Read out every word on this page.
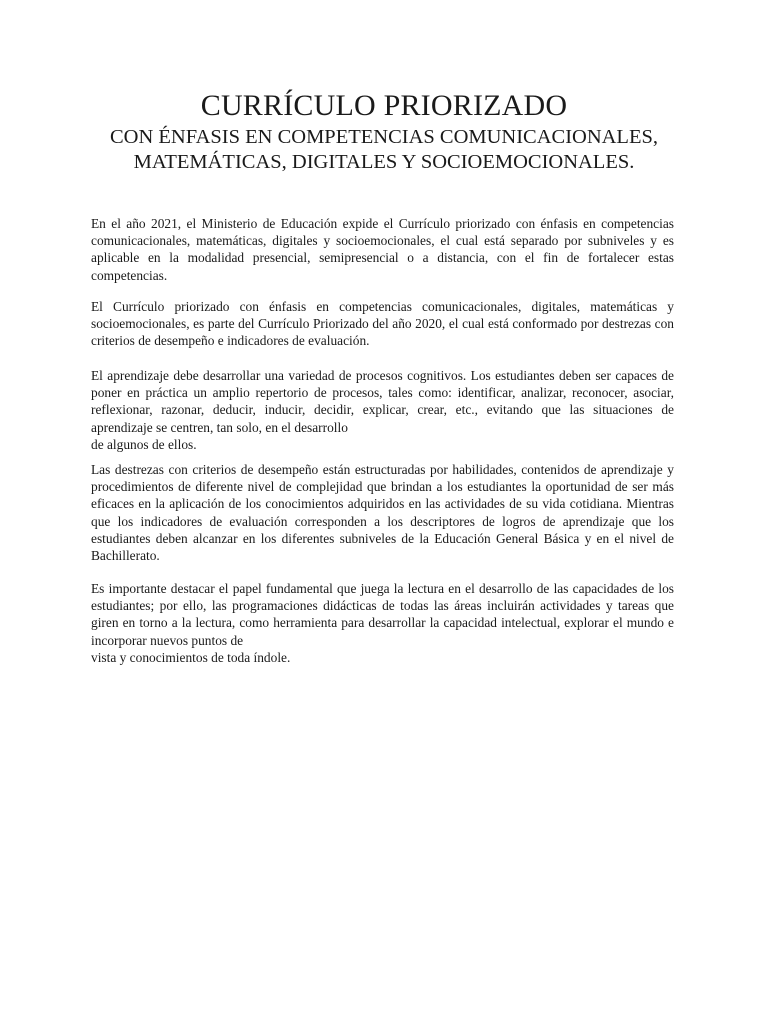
CURRÍCULO PRIORIZADO
CON ÉNFASIS EN COMPETENCIAS COMUNICACIONALES, MATEMÁTICAS, DIGITALES Y SOCIOEMOCIONALES.

En el año 2021, el Ministerio de Educación expide el Currículo priorizado con énfasis en competencias comunicacionales, matemáticas, digitales y socioemocionales, el cual está separado por subniveles y es aplicable en la modalidad presencial, semipresencial o a distancia, con el fin de fortalecer estas competencias.

El Currículo priorizado con énfasis en competencias comunicacionales, digitales, matemáticas y socioemocionales, es parte del Currículo Priorizado del año 2020, el cual está conformado por destrezas con criterios de desempeño e indicadores de evaluación.

El aprendizaje debe desarrollar una variedad de procesos cognitivos. Los estudiantes deben ser capaces de poner en práctica un amplio repertorio de procesos, tales como: identificar, analizar, reconocer, asociar, reflexionar, razonar, deducir, inducir, decidir, explicar, crear, etc., evitando que las situaciones de aprendizaje se centren, tan solo, en el desarrollo
de algunos de ellos.

Las destrezas con criterios de desempeño están estructuradas por habilidades, contenidos de aprendizaje y procedimientos de diferente nivel de complejidad que brindan a los estudiantes la oportunidad de ser más eficaces en la aplicación de los conocimientos adquiridos en las actividades de su vida cotidiana. Mientras que los indicadores de evaluación corresponden a los descriptores de logros de aprendizaje que los estudiantes deben alcanzar en los diferentes subniveles de la Educación General Básica y en el nivel de Bachillerato.

Es importante destacar el papel fundamental que juega la lectura en el desarrollo de las capacidades de los estudiantes; por ello, las programaciones didácticas de todas las áreas incluirán actividades y tareas que giren en torno a la lectura, como herramienta para desarrollar la capacidad intelectual, explorar el mundo e incorporar nuevos puntos de
vista y conocimientos de toda índole.
